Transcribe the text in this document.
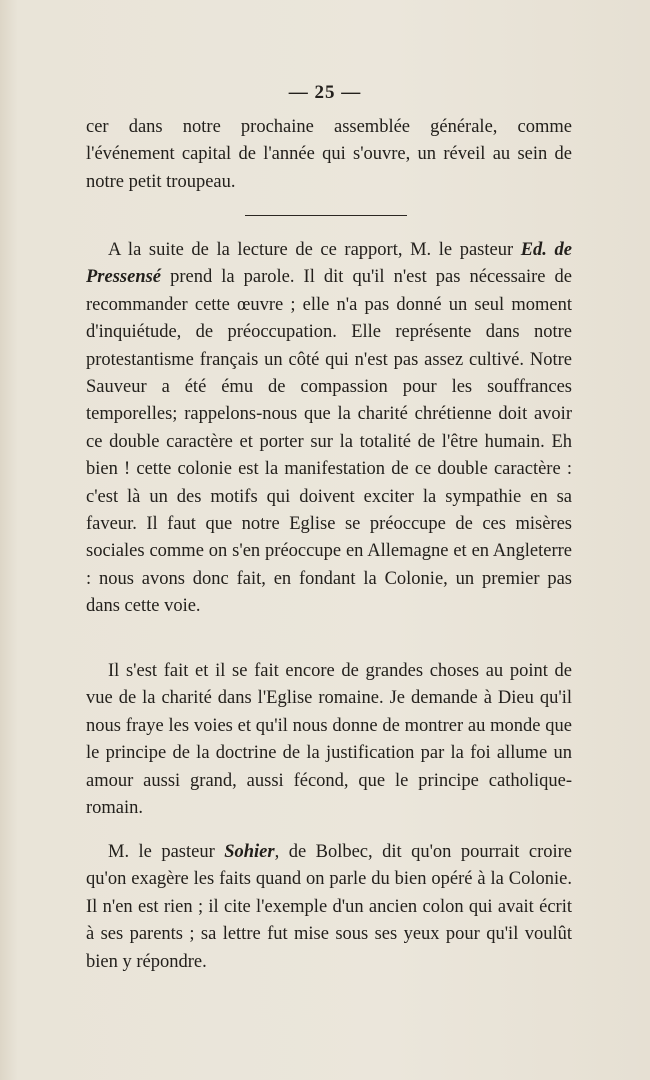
— 25 —

cer dans notre prochaine assemblée générale, comme l'événement capital de l'année qui s'ouvre, un réveil au sein de notre petit troupeau.

A la suite de la lecture de ce rapport, M. le pasteur Ed. de Pressensé prend la parole. Il dit qu'il n'est pas nécessaire de recommander cette œuvre ; elle n'a pas donné un seul moment d'inquiétude, de préoccupation. Elle représente dans notre protestantisme français un côté qui n'est pas assez cultivé. Notre Sauveur a été ému de compassion pour les souffrances temporelles; rappelons-nous que la charité chrétienne doit avoir ce double caractère et porter sur la totalité de l'être humain. Eh bien ! cette colonie est la manifestation de ce double caractère : c'est là un des motifs qui doivent exciter la sympathie en sa faveur. Il faut que notre Eglise se préoccupe de ces misères sociales comme on s'en préoccupe en Allemagne et en Angleterre : nous avons donc fait, en fondant la Colonie, un premier pas dans cette voie.

Il s'est fait et il se fait encore de grandes choses au point de vue de la charité dans l'Eglise romaine. Je demande à Dieu qu'il nous fraye les voies et qu'il nous donne de montrer au monde que le principe de la doctrine de la justification par la foi allume un amour aussi grand, aussi fécond, que le principe catholique-romain.

M. le pasteur Sohier, de Bolbec, dit qu'on pourrait croire qu'on exagère les faits quand on parle du bien opéré à la Colonie. Il n'en est rien ; il cite l'exemple d'un ancien colon qui avait écrit à ses parents ; sa lettre fut mise sous ses yeux pour qu'il voulût bien y répondre.
